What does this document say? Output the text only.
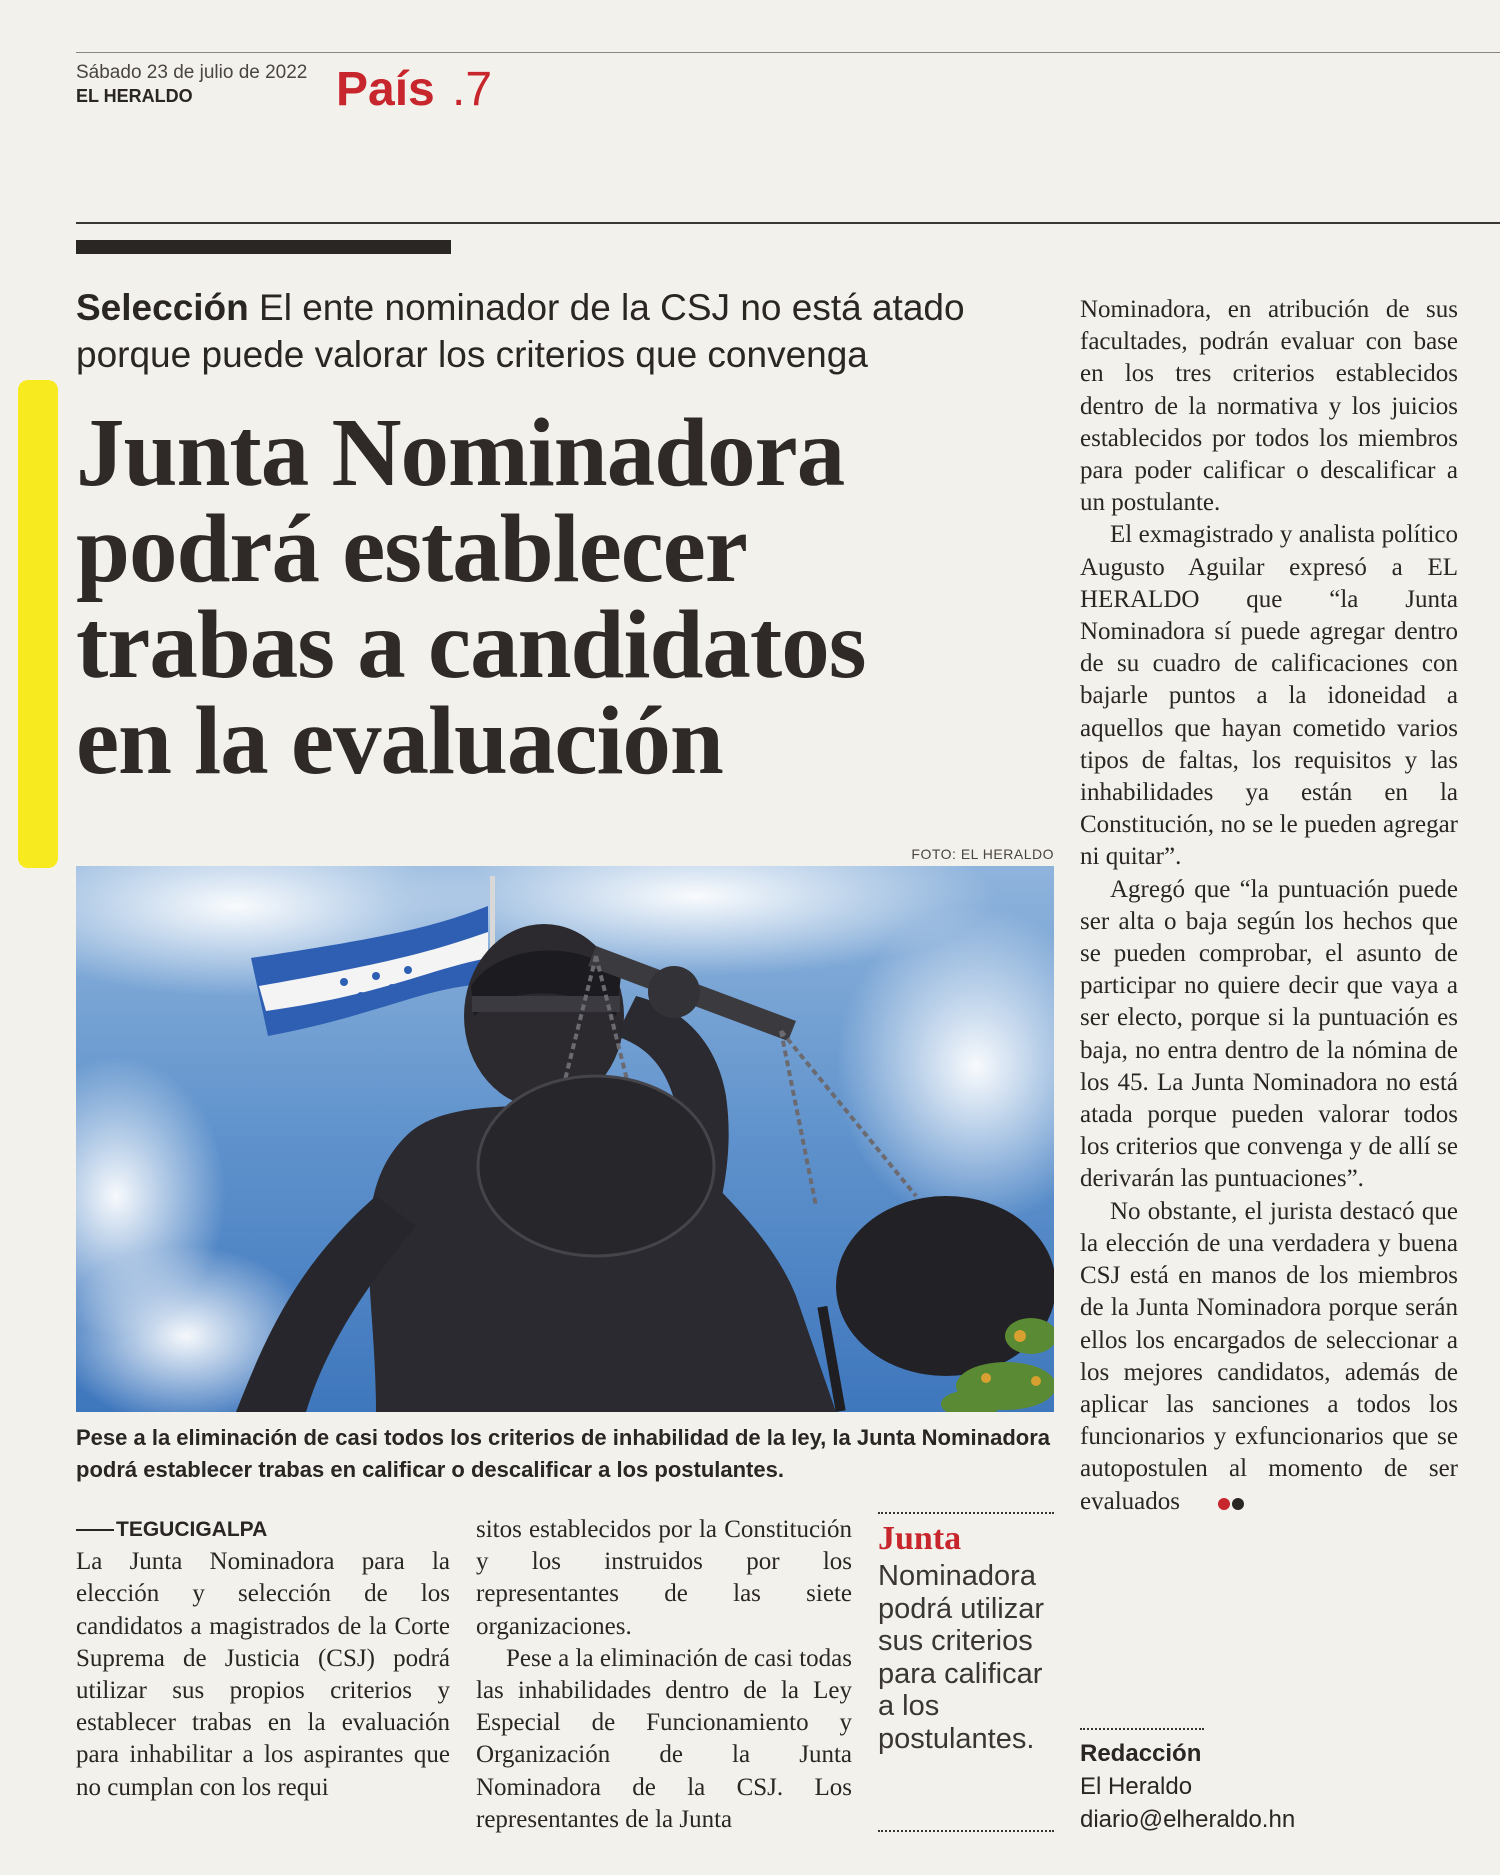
Sábado 23 de julio de 2022
EL HERALDO	País .7
Selección El ente nominador de la CSJ no está atado porque puede valorar los criterios que convenga
Junta Nominadora
podrá establecer
trabas a candidatos
en la evaluación
FOTO: EL HERALDO
Pese a la eliminación de casi todos los criterios de inhabilidad de la ley, la Junta Nominadora podrá establecer trabas en calificar o descalificar a los postulantes.
TEGUCIGALPA

La Junta Nominadora para la elección y selección de los candidatos a magistrados de la Corte Suprema de Justicia (CSJ) podrá utilizar sus propios criterios y establecer trabas en la evaluación para inhabilitar a los aspirantes que no cumplan con los requi

sitos establecidos por la Constitución y los instruidos por los representantes de las siete organizaciones.

Pese a la eliminación de casi todas las inhabilidades dentro de la Ley Especial de Funcionamiento y Organización de la Junta Nominadora de la CSJ. Los representantes de la Junta

Junta
Nominadora podrá utilizar sus criterios para calificar a los postulantes.

Nominadora, en atribución de sus facultades, podrán evaluar con base en los tres criterios establecidos dentro de la normativa y los juicios establecidos por todos los miembros para poder calificar o descalificar a un postulante.

El exmagistrado y analista político Augusto Aguilar expresó a EL HERALDO que “la Junta Nominadora sí puede agregar dentro de su cuadro de calificaciones con bajarle puntos a la idoneidad a aquellos que hayan cometido varios tipos de faltas, los requisitos y las inhabilidades ya están en la Constitución, no se le pueden agregar ni quitar”.

Agregó que “la puntuación puede ser alta o baja según los hechos que se pueden comprobar, el asunto de participar no quiere decir que vaya a ser electo, porque si la puntuación es baja, no entra dentro de la nómina de los 45. La Junta Nominadora no está atada porque pueden valorar todos los criterios que convenga y de allí se derivarán las puntuaciones”.

No obstante, el jurista destacó que la elección de una verdadera y buena CSJ está en manos de los miembros de la Junta Nominadora porque serán ellos los encargados de seleccionar a los mejores candidatos, además de aplicar las sanciones a todos los funcionarios y exfuncionarios que se autopostulen al momento de ser evaluados

Redacción
El Heraldo
diario@elheraldo.hn
